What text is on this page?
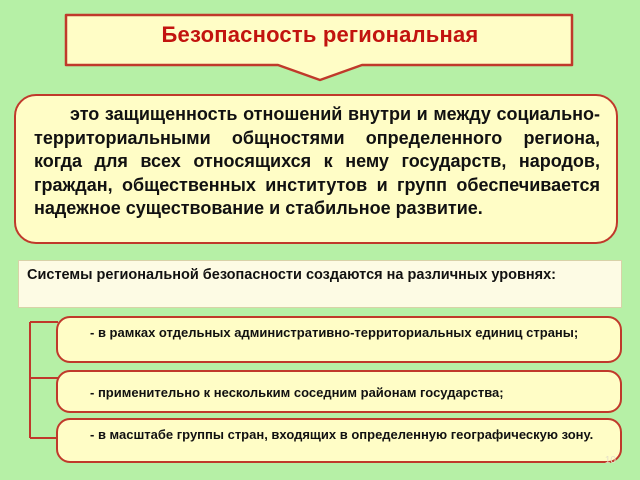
Безопасность региональная

это защищенность отношений внутри и между социально-территориальными общностями определенного региона, когда для всех относящихся к нему государств, народов, граждан, общественных институтов и групп обеспечивается надежное существование и стабильное развитие.

Системы региональной безопасности создаются на различных уровнях:

- в рамках отдельных административно-территориальных единиц страны;

- применительно к нескольким соседним районам государства;

- в масштабе группы стран, входящих в определенную географическую зону.

10
